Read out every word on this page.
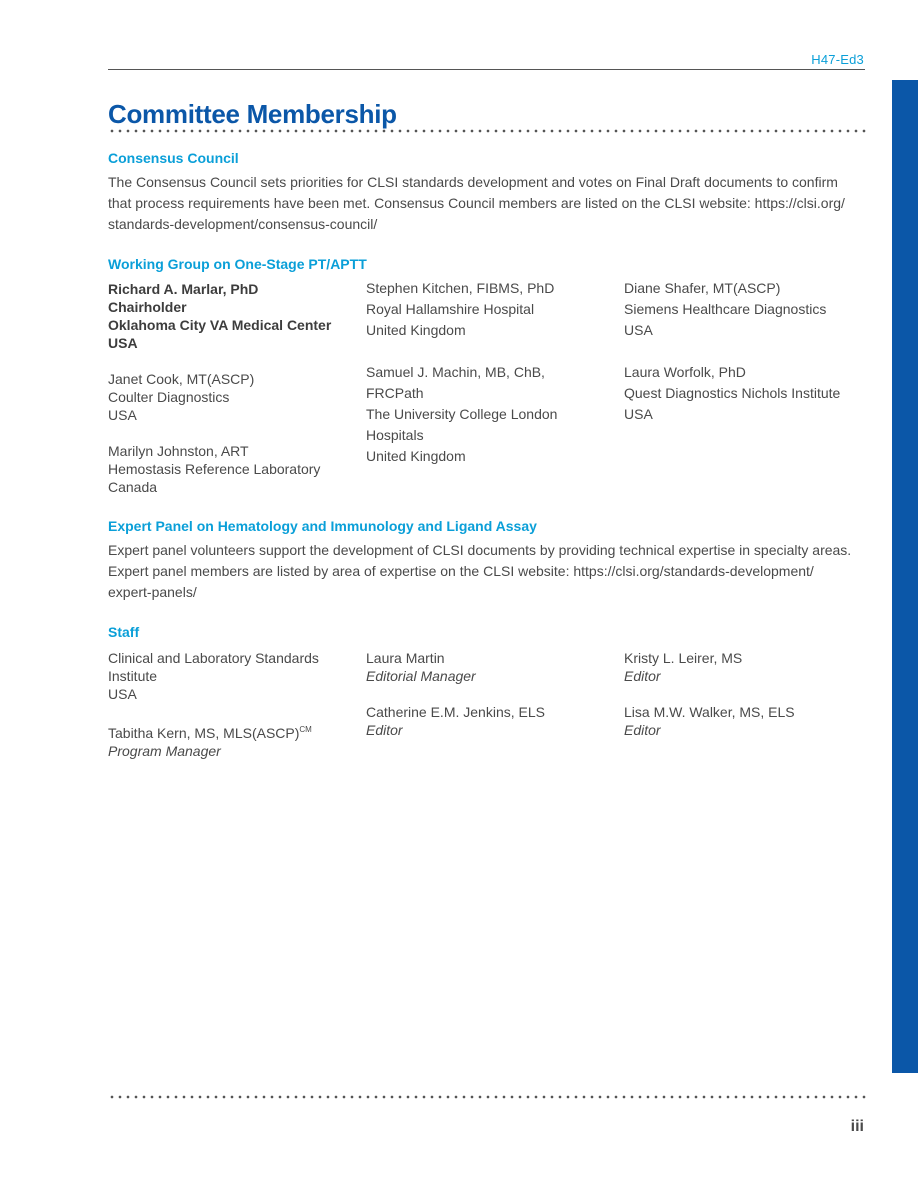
H47-Ed3
Committee Membership
Consensus Council

The Consensus Council sets priorities for CLSI standards development and votes on Final Draft documents to confirm
that process requirements have been met. Consensus Council members are listed on the CLSI website: https://clsi.org/
standards-development/consensus-council/

Working Group on One-Stage PT/APTT
Richard A. Marlar, PhD
Chairholder
Oklahoma City VA Medical Center
USA
Janet Cook, MT(ASCP)
Coulter Diagnostics
USA
Marilyn Johnston, ART
Hemostasis Reference Laboratory
Canada
Stephen Kitchen, FIBMS, PhD
Royal Hallamshire Hospital
United Kingdom
Samuel J. Machin, MB, ChB,
FRCPath
The University College London
Hospitals
United Kingdom
Diane Shafer, MT(ASCP)
Siemens Healthcare Diagnostics
USA
Laura Worfolk, PhD
Quest Diagnostics Nichols Institute
USA
Expert Panel on Hematology and Immunology and Ligand Assay

Expert panel volunteers support the development of CLSI documents by providing technical expertise in specialty areas.
Expert panel members are listed by area of expertise on the CLSI website: https://clsi.org/standards-development/
expert-panels/

Staff
Clinical and Laboratory Standards
Institute
USA
Tabitha Kern, MS, MLS(ASCP)$^{CM}$
Program Manager
Laura Martin
Editorial Manager
Catherine E.M. Jenkins, ELS
Editor
Kristy L. Leirer, MS
Editor
Lisa M.W. Walker, MS, ELS
Editor
iii
